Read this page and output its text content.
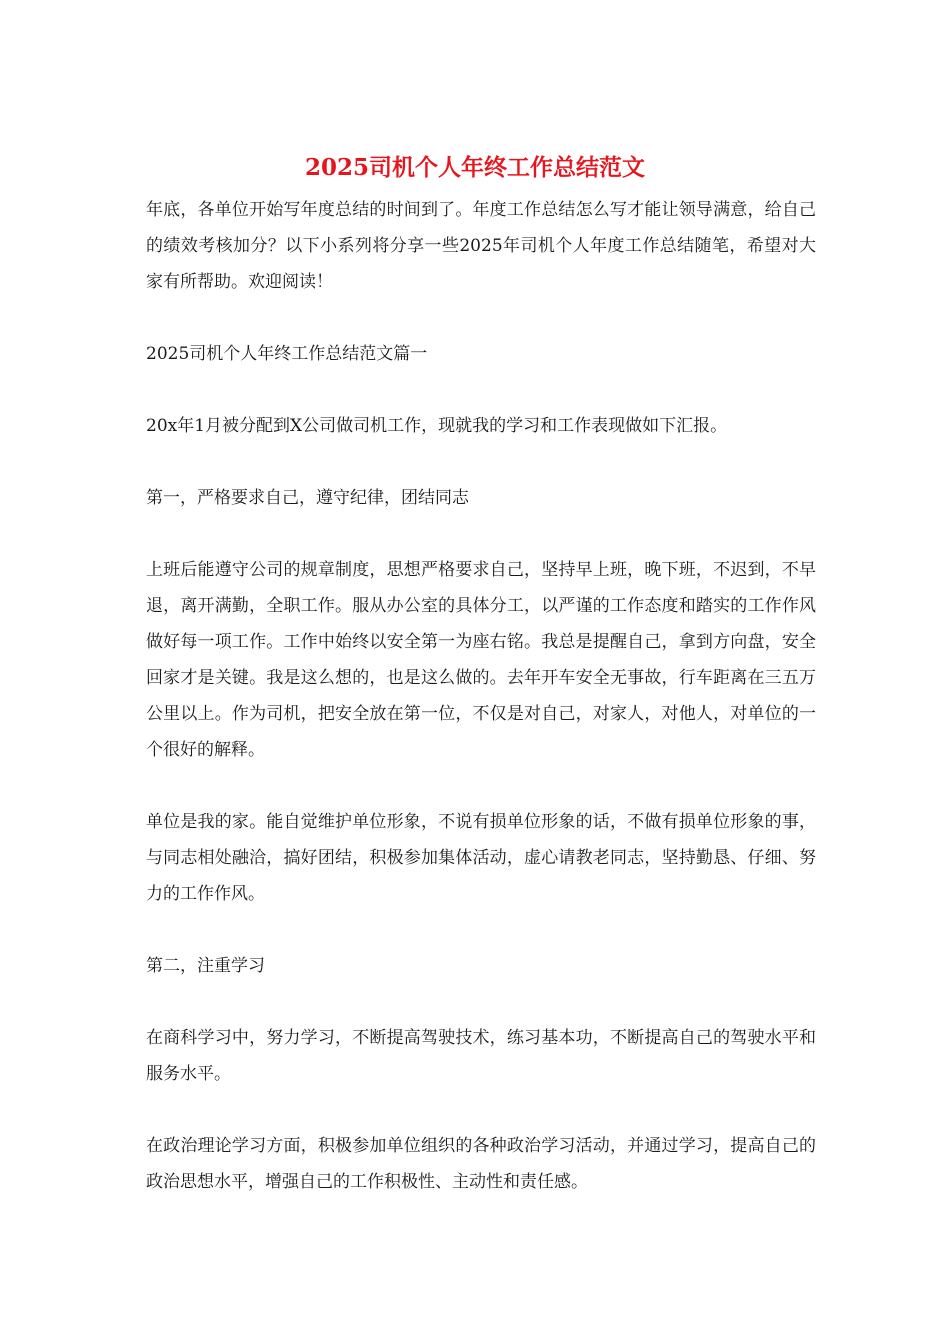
2025司机个人年终工作总结范文

年底，各单位开始写年度总结的时间到了。年度工作总结怎么写才能让领导满意，给自己的绩效考核加分？以下小系列将分享一些2025年司机个人年度工作总结随笔，希望对大家有所帮助。欢迎阅读！

2025司机个人年终工作总结范文篇一

20x年1月被分配到X公司做司机工作，现就我的学习和工作表现做如下汇报。

第一，严格要求自己，遵守纪律，团结同志

上班后能遵守公司的规章制度，思想严格要求自己，坚持早上班，晚下班，不迟到，不早退，离开满勤，全职工作。服从办公室的具体分工，以严谨的工作态度和踏实的工作作风做好每一项工作。工作中始终以安全第一为座右铭。我总是提醒自己，拿到方向盘，安全回家才是关键。我是这么想的，也是这么做的。去年开车安全无事故，行车距离在三五万公里以上。作为司机，把安全放在第一位，不仅是对自己，对家人，对他人，对单位的一个很好的解释。

单位是我的家。能自觉维护单位形象，不说有损单位形象的话，不做有损单位形象的事，与同志相处融洽，搞好团结，积极参加集体活动，虚心请教老同志，坚持勤恳、仔细、努力的工作作风。

第二，注重学习

在商科学习中，努力学习，不断提高驾驶技术，练习基本功，不断提高自己的驾驶水平和服务水平。

在政治理论学习方面，积极参加单位组织的各种政治学习活动，并通过学习，提高自己的政治思想水平，增强自己的工作积极性、主动性和责任感。
